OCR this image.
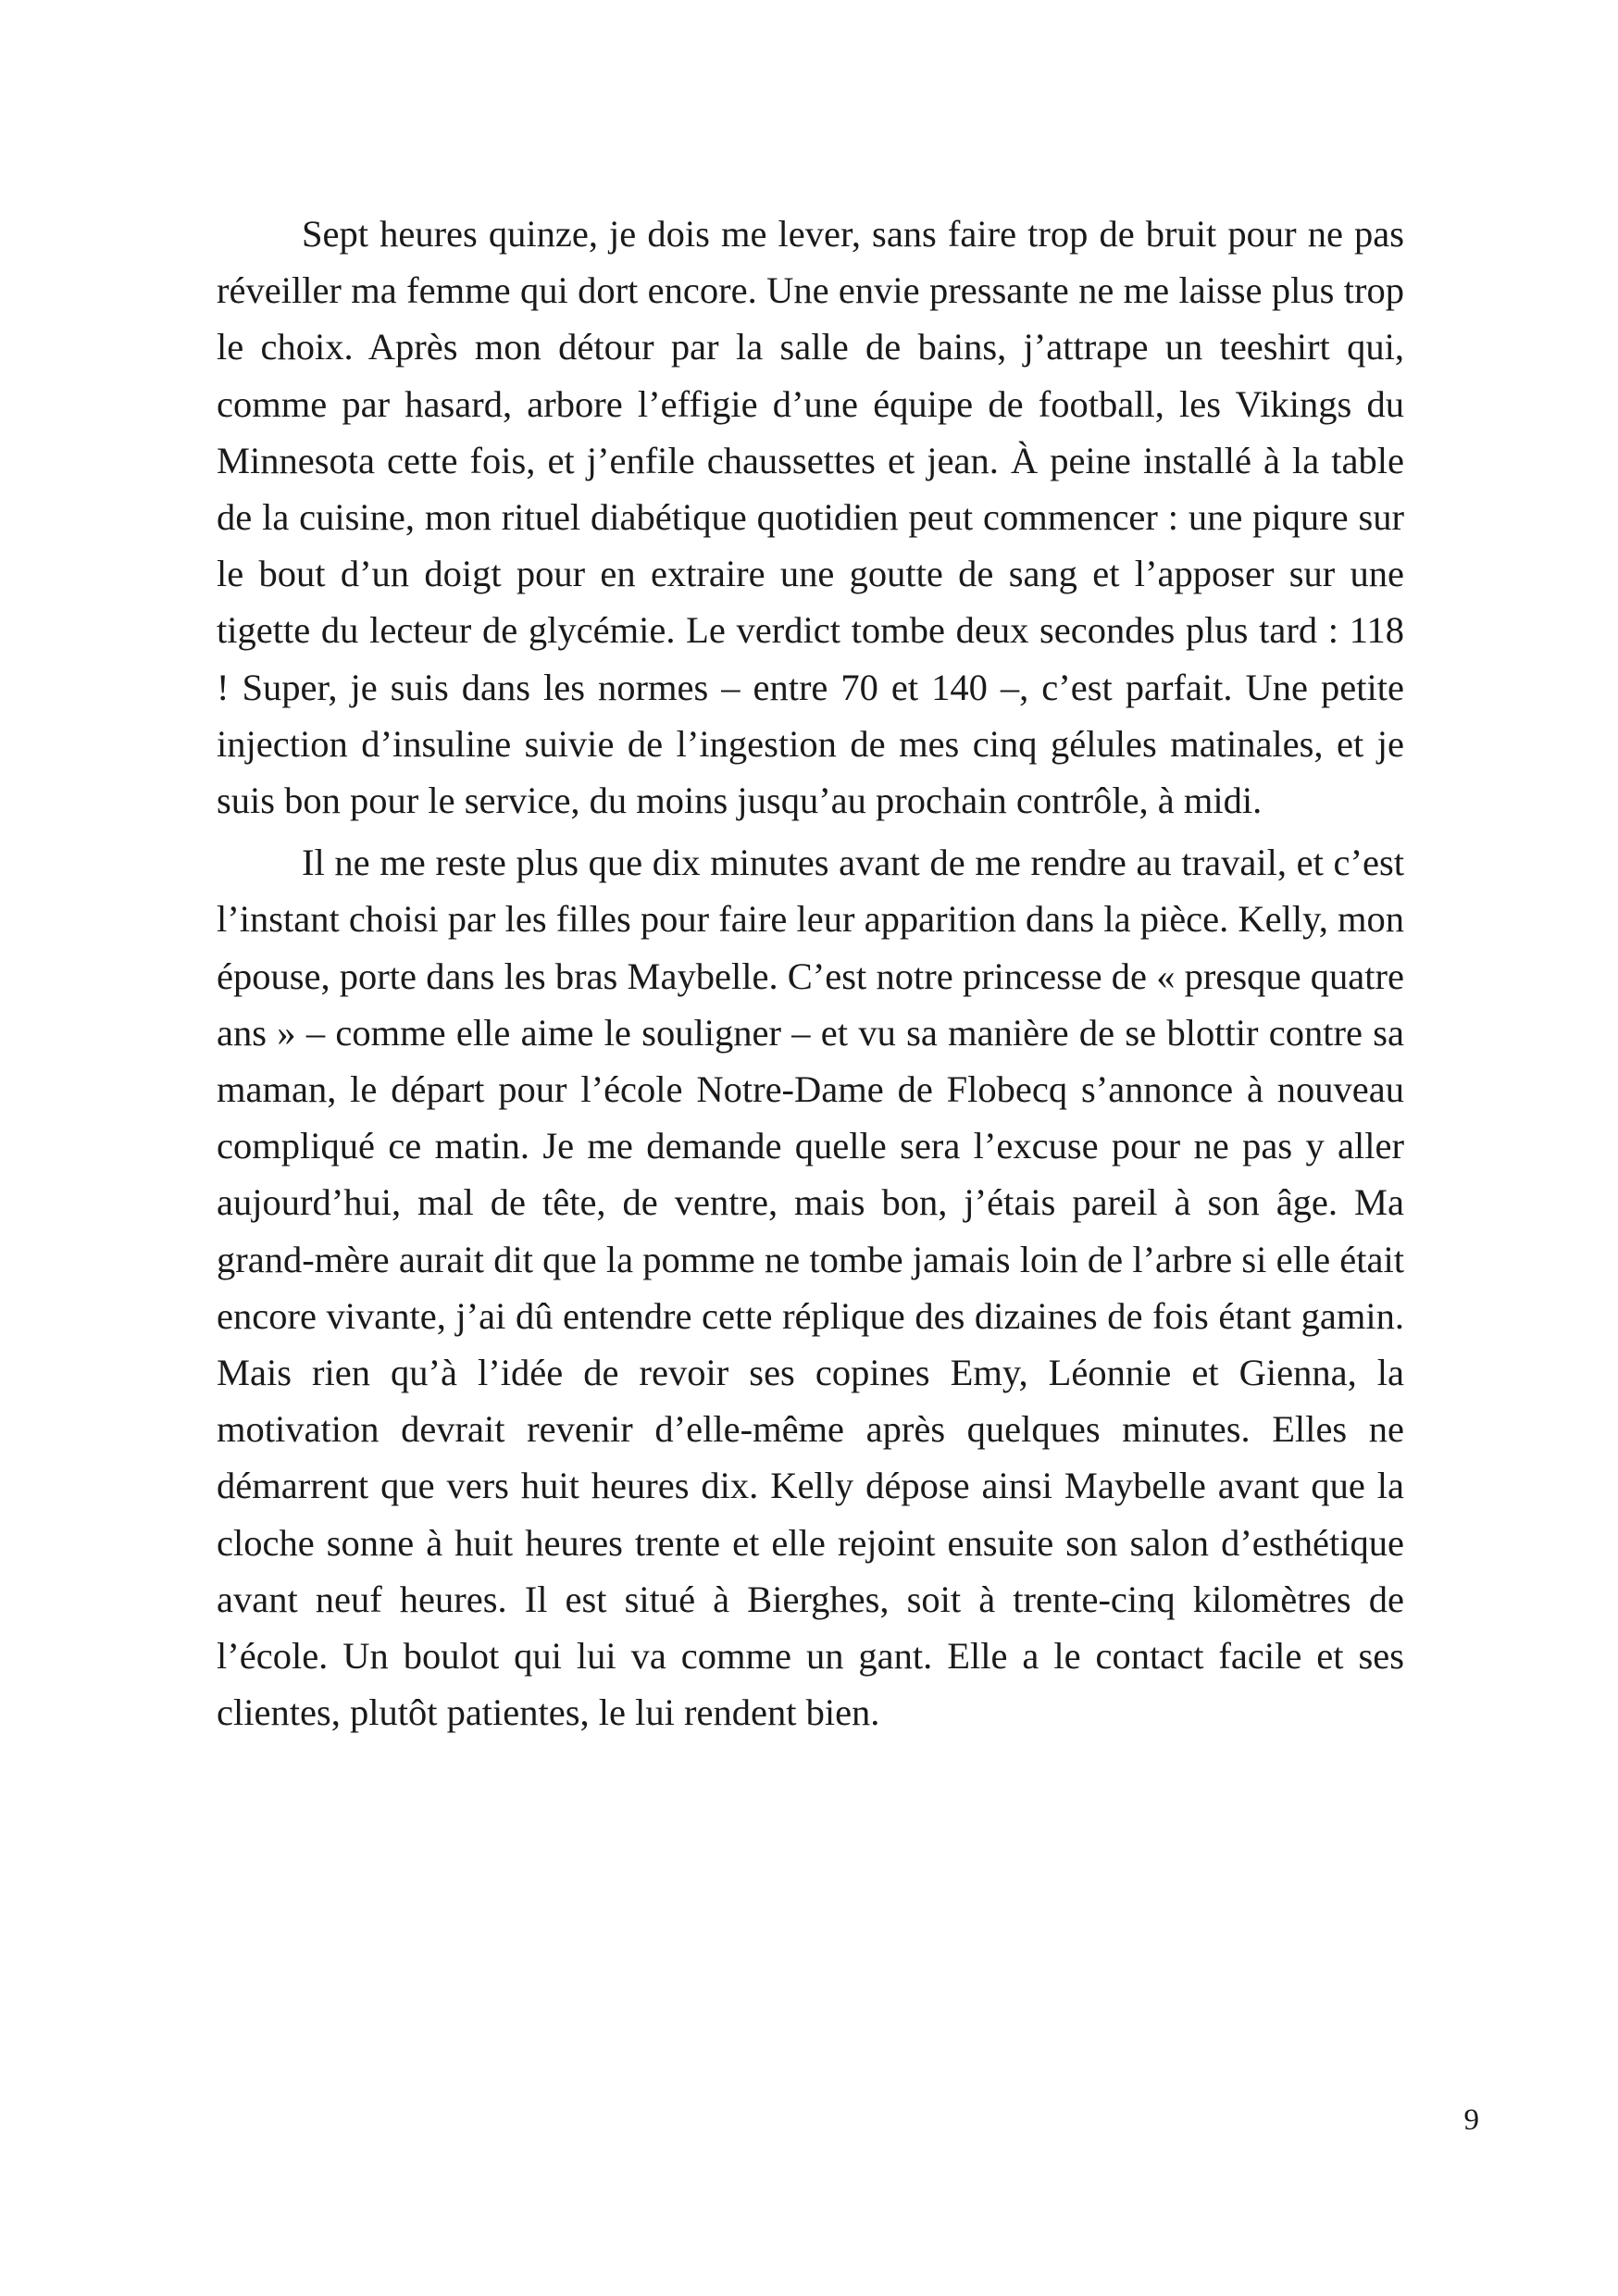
Sept heures quinze, je dois me lever, sans faire trop de bruit pour ne pas réveiller ma femme qui dort encore. Une envie pressante ne me laisse plus trop le choix. Après mon détour par la salle de bains, j’attrape un teeshirt qui, comme par hasard, arbore l’effigie d’une équipe de football, les Vikings du Minnesota cette fois, et j’enfile chaussettes et jean. À peine installé à la table de la cuisine, mon rituel diabétique quotidien peut commencer : une piqure sur le bout d’un doigt pour en extraire une goutte de sang et l’apposer sur une tigette du lecteur de glycémie. Le verdict tombe deux secondes plus tard : 118 ! Super, je suis dans les normes – entre 70 et 140 –, c’est parfait. Une petite injection d’insuline suivie de l’ingestion de mes cinq gélules matinales, et je suis bon pour le service, du moins jusqu’au prochain contrôle, à midi.

Il ne me reste plus que dix minutes avant de me rendre au travail, et c’est l’instant choisi par les filles pour faire leur apparition dans la pièce. Kelly, mon épouse, porte dans les bras Maybelle. C’est notre princesse de « presque quatre ans » – comme elle aime le souligner – et vu sa manière de se blottir contre sa maman, le départ pour l’école Notre-Dame de Flobecq s’annonce à nouveau compliqué ce matin. Je me demande quelle sera l’excuse pour ne pas y aller aujourd’hui, mal de tête, de ventre, mais bon, j’étais pareil à son âge. Ma grand-mère aurait dit que la pomme ne tombe jamais loin de l’arbre si elle était encore vivante, j’ai dû entendre cette réplique des dizaines de fois étant gamin. Mais rien qu’à l’idée de revoir ses copines Emy, Léonnie et Gienna, la motivation devrait revenir d’elle-même après quelques minutes. Elles ne démarrent que vers huit heures dix. Kelly dépose ainsi Maybelle avant que la cloche sonne à huit heures trente et elle rejoint ensuite son salon d’esthétique avant neuf heures. Il est situé à Bierghes, soit à trente-cinq kilomètres de l’école. Un boulot qui lui va comme un gant. Elle a le contact facile et ses clientes, plutôt patientes, le lui rendent bien.

9
